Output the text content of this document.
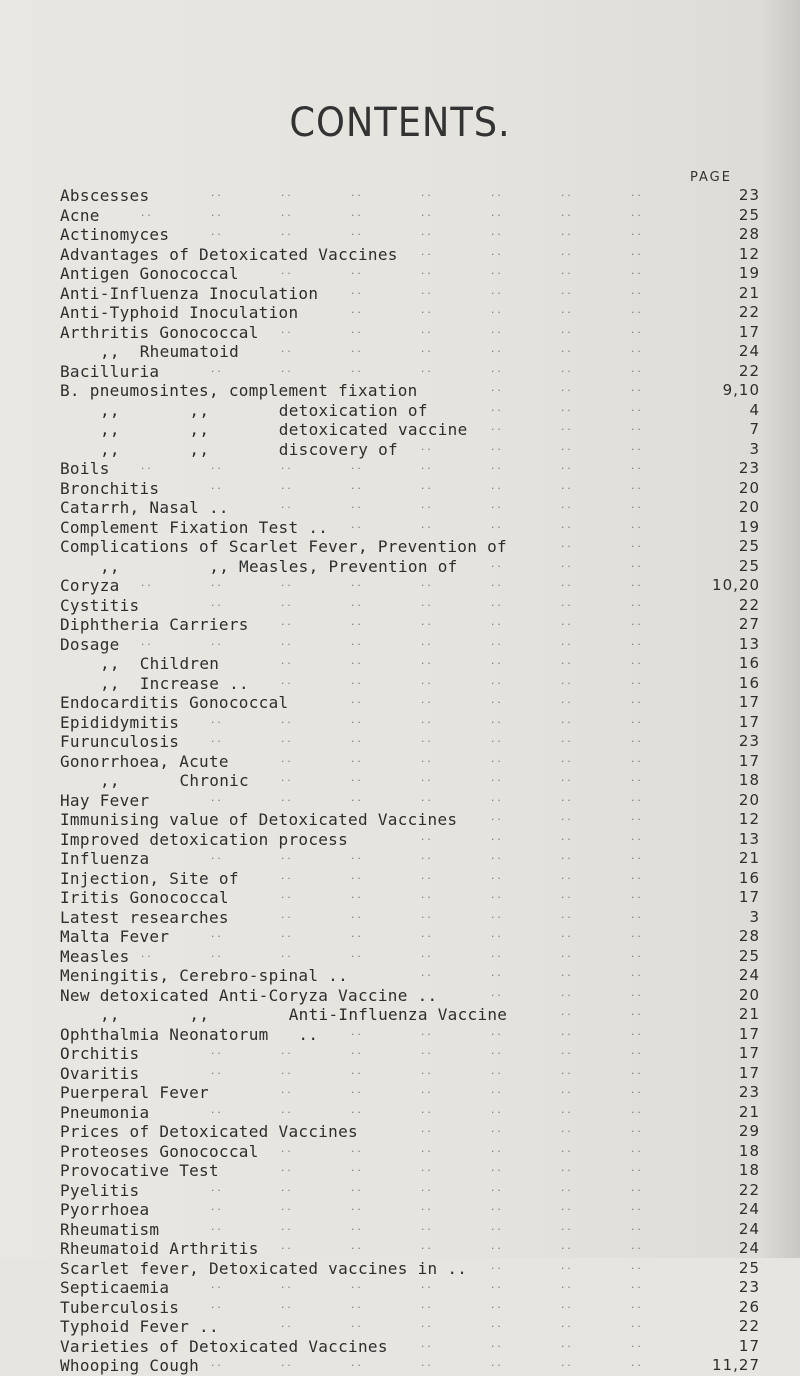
CONTENTS.
PAGE
Abscesses	..	..	..	..	..	..	..	23
Acne	..	..	..	..	..	..	..	..	25
Actinomyces	..	..	..	..	..	..	..	28
Advantages of Detoxicated Vaccines ..	..	..	..	12
Antigen Gonococcal	..	..	..	..	..	..	19
Anti-Influenza Inoculation	..	..	..	..	..	21
Anti-Typhoid Inoculation	..	..	..	..	..	22
Arthritis Gonococcal ..	..	..	..	..	..	17
,,  Rheumatoid	..	..	..	..	..	..	24
Bacilluria	..	..	..	..	..	..	..	22
B. pneumosintes, complement fixation	..	..	..	9,10
,,       ,,       detoxication of	..	..	..	4
,,       ,,       detoxicated vaccine ..	..	..	7
,,       ,,       discovery of ..	..	..	..	3
Boils	..	..	..	..	..	..	..	..	23
Bronchitis	..	..	..	..	..	..	..	20
Catarrh, Nasal ..	..	..	..	..	..	..	20
Complement Fixation Test .. ..	..	..	..	..	19
Complications of Scarlet Fever, Prevention of	..	..	25
,,         ,, Measles, Prevention of	..	..	..	25
Coryza ..	..	..	..	..	..	..	..	10,20
Cystitis	..	..	..	..	..	..	..	22
Diphtheria Carriers	..	..	..	..	..	..	27
Dosage ..	..	..	..	..	..	..	..	13
,,  Children	..	..	..	..	..	..	16
,,  Increase ..	..	..	..	..	..	..	16
Endocarditis Gonococcal	..	..	..	..	..	17
Epididymitis	..	..	..	..	..	..	..	17
Furunculosis	..	..	..	..	..	..	..	23
Gonorrhoea, Acute	..	..	..	..	..	..	17
,,      Chronic	..	..	..	..	..	..	18
Hay Fever	..	..	..	..	..	..	..	20
Immunising value of Detoxicated Vaccines	..	..	..	12
Improved detoxication process	..	..	..	..	13
Influenza	..	..	..	..	..	..	..	21
Injection, Site of	..	..	..	..	..	..	16
Iritis Gonococcal	..	..	..	..	..	..	17
Latest researches	..	..	..	..	..	..	3
Malta Fever	..	..	..	..	..	..	..	28
Measles ..	..	..	..	..	..	..	..	25
Meningitis, Cerebro-spinal ..	..	..	..	..	24
New detoxicated Anti-Coryza Vaccine ..	..	..	..	20
,,       ,,        Anti-Influenza Vaccine	..	..	21
Ophthalmia Neonatorum   ..	..	..	..	..	..	17
Orchitis	..	..	..	..	..	..	..	17
Ovaritis	..	..	..	..	..	..	..	17
Puerperal Fever	..	..	..	..	..	..	23
Pneumonia	..	..	..	..	..	..	..	21
Prices of Detoxicated Vaccines	..	..	..	..	29
Proteoses Gonococcal ..	..	..	..	..	..	18
Provocative Test	..	..	..	..	..	..	18
Pyelitis	..	..	..	..	..	..	..	22
Pyorrhoea	..	..	..	..	..	..	..	24
Rheumatism	..	..	..	..	..	..	..	24
Rheumatoid Arthritis ..	..	..	..	..	..	24
Scarlet fever, Detoxicated vaccines in ..	..	..	..	25
Septicaemia	..	..	..	..	..	..	..	23
Tuberculosis	..	..	..	..	..	..	..	26
Typhoid Fever ..	..	..	..	..	..	..	22
Varieties of Detoxicated Vaccines	..	..	..	..	17
Whooping Cough ..	..	..	..	..	..	..	11,27
